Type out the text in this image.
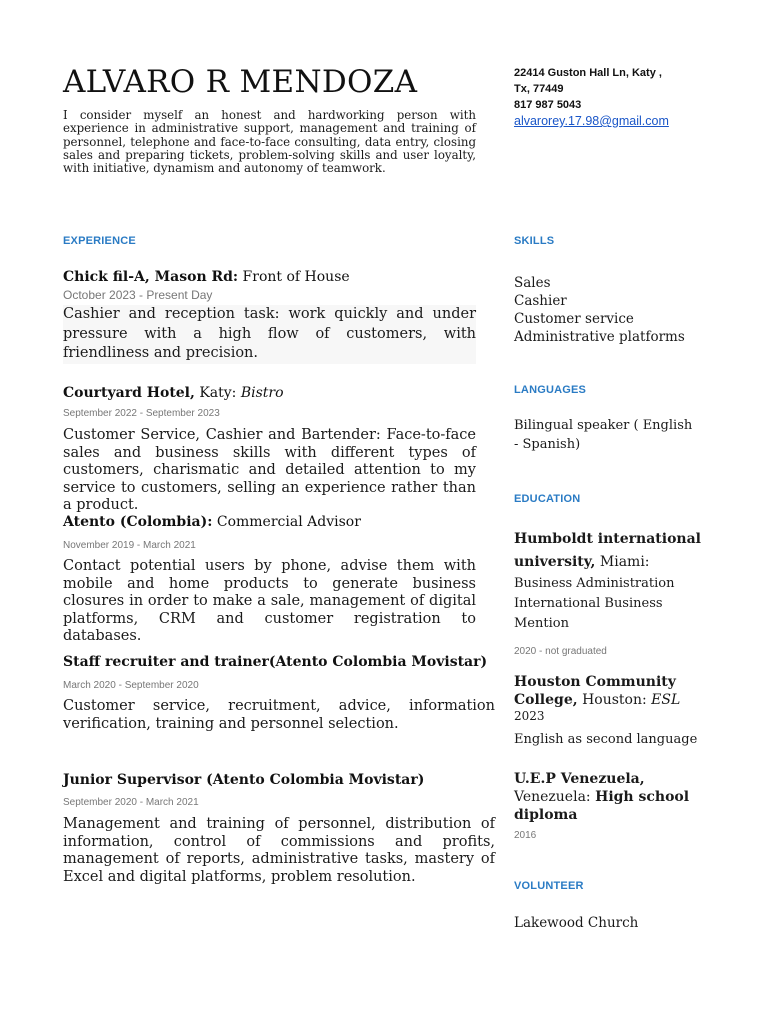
ALVARO R MENDOZA
I consider myself an honest and hardworking person with experience in administrative support, management and training of personnel, telephone and face-to-face consulting, data entry, closing sales and preparing tickets, problem-solving skills and user loyalty, with initiative, dynamism and autonomy of teamwork.
22414 Guston Hall Ln, Katy ,
Tx, 77449
817 987 5043
alvarorey.17.98@gmail.com
EXPERIENCE
Chick fil-A, Mason Rd: Front of House
October 2023 - Present Day
Cashier and reception task: work quickly and under pressure with a high flow of customers, with friendliness and precision.
Courtyard Hotel, Katy: Bistro
September 2022 - September 2023
Customer Service, Cashier and Bartender: Face-to-face sales and business skills with different types of customers, charismatic and detailed attention to my service to customers, selling an experience rather than a product.
Atento (Colombia): Commercial Advisor
November 2019 - March 2021
Contact potential users by phone, advise them with mobile and home products to generate business closures in order to make a sale, management of digital platforms, CRM and customer registration to databases.
Staff recruiter and trainer(Atento Colombia Movistar)
March 2020 - September 2020
Customer service, recruitment, advice, information verification, training and personnel selection.
Junior Supervisor (Atento Colombia Movistar)
September 2020 - March 2021
Management and training of personnel, distribution of information, control of commissions and profits, management of reports, administrative tasks, mastery of Excel and digital platforms, problem resolution.
SKILLS
Sales
Cashier
Customer service
Administrative platforms
LANGUAGES
Bilingual speaker ( English - Spanish)
EDUCATION
Humboldt international university, Miami:
Business Administration International Business Mention
2020 - not graduated
Houston Community College, Houston: ESL
2023
English as second language
U.E.P Venezuela, Venezuela: High school diploma
2016
VOLUNTEER
Lakewood Church
